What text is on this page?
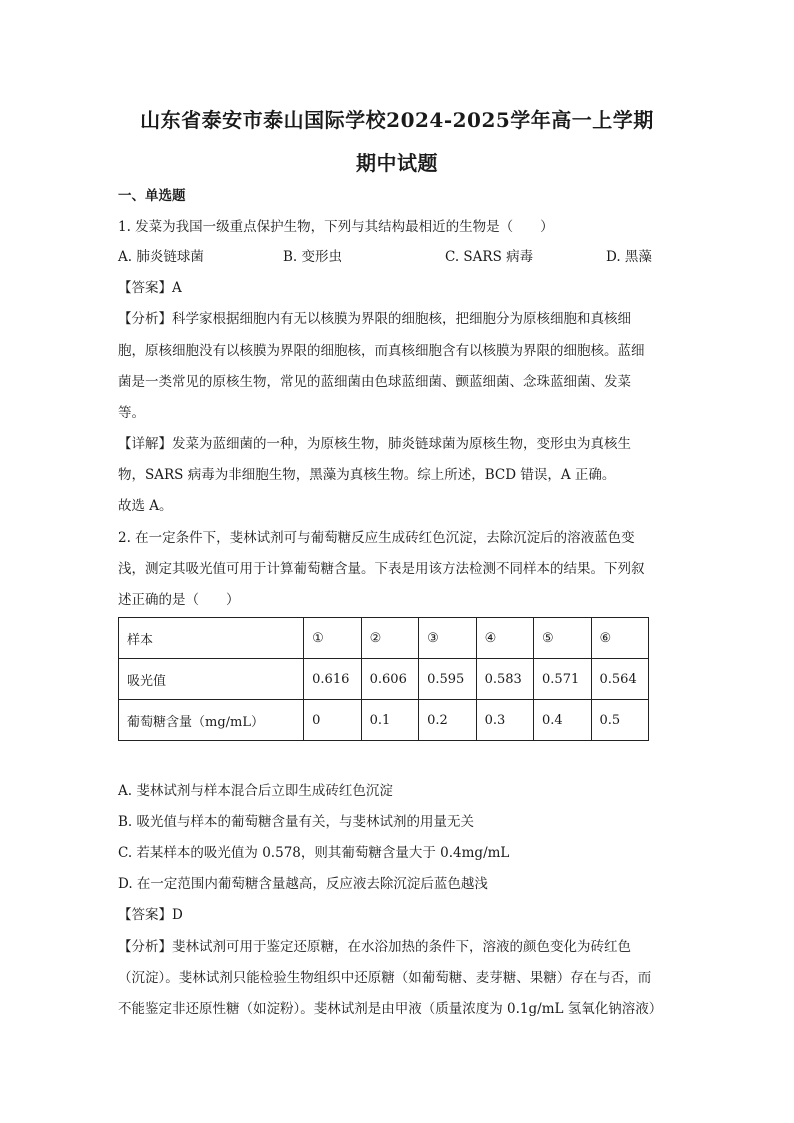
山东省泰安市泰山国际学校2024-2025学年高一上学期
期中试题
一、单选题
1. 发菜为我国一级重点保护生物，下列与其结构最相近的生物是（　　）
A. 肺炎链球菌	B. 变形虫	C. SARS 病毒	D. 黑藻
【答案】A
【分析】科学家根据细胞内有无以核膜为界限的细胞核，把细胞分为原核细胞和真核细
胞，原核细胞没有以核膜为界限的细胞核，而真核细胞含有以核膜为界限的细胞核。蓝细
菌是一类常见的原核生物，常见的蓝细菌由色球蓝细菌、颤蓝细菌、念珠蓝细菌、发菜
等。
【详解】发菜为蓝细菌的一种，为原核生物，肺炎链球菌为原核生物，变形虫为真核生
物，SARS 病毒为非细胞生物，黑藻为真核生物。综上所述，BCD 错误，A 正确。
故选 A。
2. 在一定条件下，斐林试剂可与葡萄糖反应生成砖红色沉淀，去除沉淀后的溶液蓝色变
浅，测定其吸光值可用于计算葡萄糖含量。下表是用该方法检测不同样本的结果。下列叙
述正确的是（　　）
样本	①	②	③	④	⑤	⑥
吸光值	0.616	0.606	0.595	0.583	0.571	0.564
葡萄糖含量（mg/mL）	0	0.1	0.2	0.3	0.4	0.5
A. 斐林试剂与样本混合后立即生成砖红色沉淀
B. 吸光值与样本的葡萄糖含量有关，与斐林试剂的用量无关
C. 若某样本的吸光值为 0.578，则其葡萄糖含量大于 0.4mg/mL
D. 在一定范围内葡萄糖含量越高，反应液去除沉淀后蓝色越浅
【答案】D
【分析】斐林试剂可用于鉴定还原糖，在水浴加热的条件下，溶液的颜色变化为砖红色
（沉淀）。斐林试剂只能检验生物组织中还原糖（如葡萄糖、麦芽糖、果糖）存在与否，而
不能鉴定非还原性糖（如淀粉）。斐林试剂是由甲液（质量浓度为 0.1g/mL 氢氧化钠溶液）
